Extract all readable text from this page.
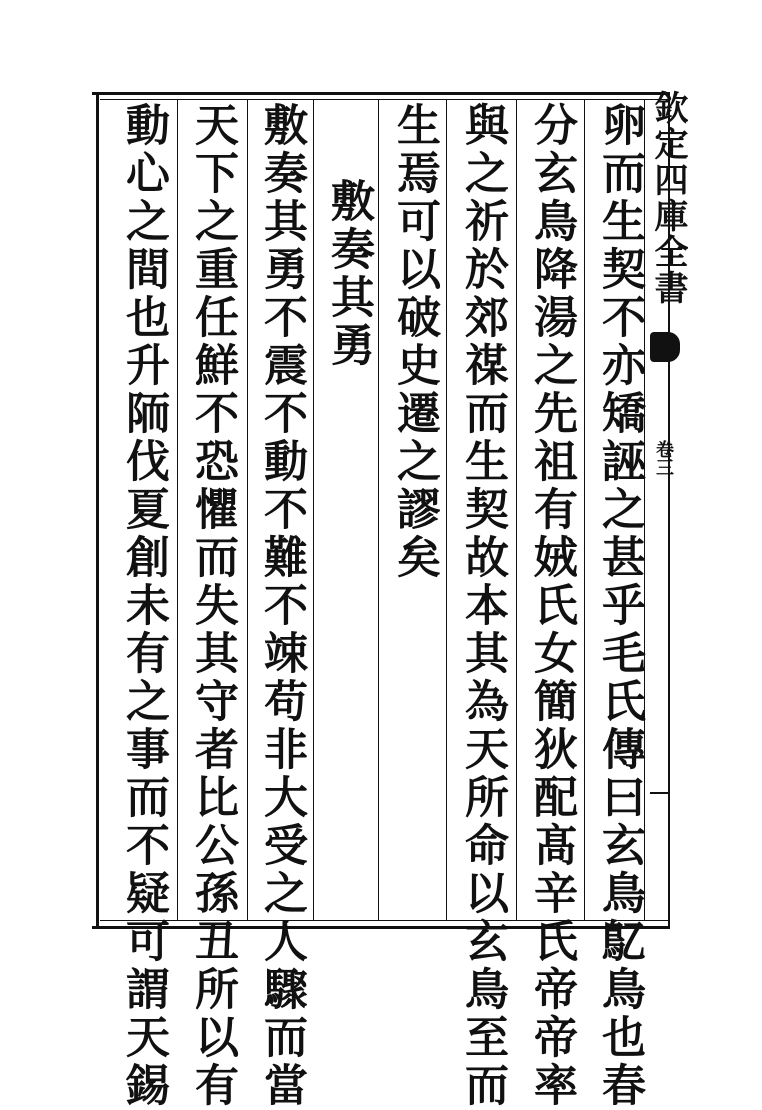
欽定四庫全書
卷三
卵而生契不亦矯誣之甚乎毛氏傳曰玄鳥鳦鳥也春
分玄鳥降湯之先祖有娀氏女簡狄配髙辛氏帝帝率
與之祈於郊禖而生契故本其為天所命以玄鳥至而
生焉可以破史遷之謬矣
敷奏其勇
敷奏其勇不震不動不難不竦苟非大受之人驟而當
天下之重任鮮不恐懼而失其守者比公孫丑所以有
動心之間也升陑伐夏創未有之事而不疑可謂天錫
